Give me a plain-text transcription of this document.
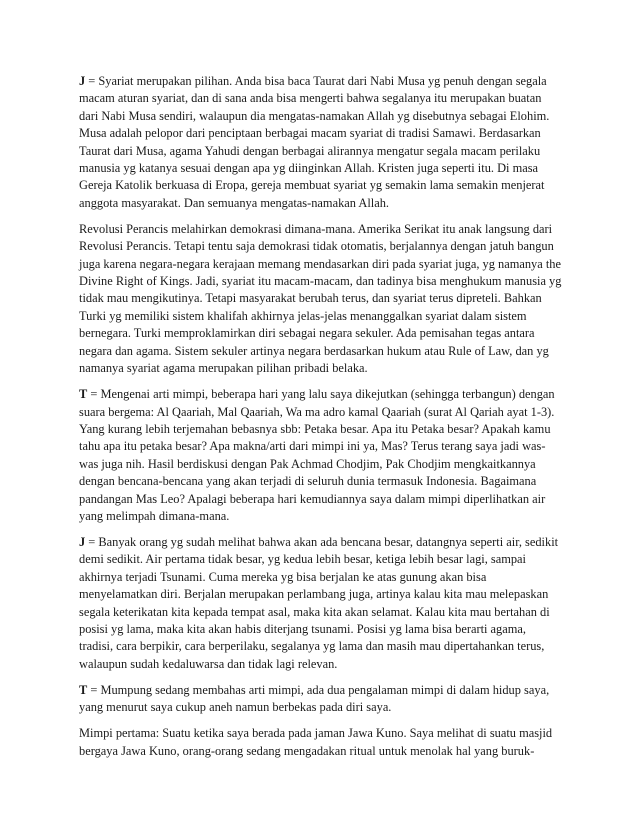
J = Syariat merupakan pilihan. Anda bisa baca Taurat dari Nabi Musa yg penuh dengan segala
macam aturan syariat, dan di sana anda bisa mengerti bahwa segalanya itu merupakan buatan
dari Nabi Musa sendiri, walaupun dia mengatas-namakan Allah yg disebutnya sebagai Elohim.
Musa adalah pelopor dari penciptaan berbagai macam syariat di tradisi Samawi. Berdasarkan
Taurat dari Musa, agama Yahudi dengan berbagai alirannya mengatur segala macam perilaku
manusia yg katanya sesuai dengan apa yg diinginkan Allah. Kristen juga seperti itu. Di masa
Gereja Katolik berkuasa di Eropa, gereja membuat syariat yg semakin lama semakin menjerat
anggota masyarakat. Dan semuanya mengatas-namakan Allah.

Revolusi Perancis melahirkan demokrasi dimana-mana. Amerika Serikat itu anak langsung dari
Revolusi Perancis. Tetapi tentu saja demokrasi tidak otomatis, berjalannya dengan jatuh bangun
juga karena negara-negara kerajaan memang mendasarkan diri pada syariat juga, yg namanya the
Divine Right of Kings. Jadi, syariat itu macam-macam, dan tadinya bisa menghukum manusia yg
tidak mau mengikutinya. Tetapi masyarakat berubah terus, dan syariat terus dipreteli. Bahkan
Turki yg memiliki sistem khalifah akhirnya jelas-jelas menanggalkan syariat dalam sistem
bernegara. Turki memproklamirkan diri sebagai negara sekuler. Ada pemisahan tegas antara
negara dan agama. Sistem sekuler artinya negara berdasarkan hukum atau Rule of Law, dan yg
namanya syariat agama merupakan pilihan pribadi belaka.

T = Mengenai arti mimpi, beberapa hari yang lalu saya dikejutkan (sehingga terbangun) dengan
suara bergema: Al Qaariah, Mal Qaariah, Wa ma adro kamal Qaariah (surat Al Qariah ayat 1-3).
Yang kurang lebih terjemahan bebasnya sbb: Petaka besar. Apa itu Petaka besar? Apakah kamu
tahu apa itu petaka besar? Apa makna/arti dari mimpi ini ya, Mas? Terus terang saya jadi was-
was juga nih. Hasil berdiskusi dengan Pak Achmad Chodjim, Pak Chodjim mengkaitkannya
dengan bencana-bencana yang akan terjadi di seluruh dunia termasuk Indonesia. Bagaimana
pandangan Mas Leo? Apalagi beberapa hari kemudiannya saya dalam mimpi diperlihatkan air
yang melimpah dimana-mana.

J = Banyak orang yg sudah melihat bahwa akan ada bencana besar, datangnya seperti air, sedikit
demi sedikit. Air pertama tidak besar, yg kedua lebih besar, ketiga lebih besar lagi, sampai
akhirnya terjadi Tsunami. Cuma mereka yg bisa berjalan ke atas gunung akan bisa
menyelamatkan diri. Berjalan merupakan perlambang juga, artinya kalau kita mau melepaskan
segala keterikatan kita kepada tempat asal, maka kita akan selamat. Kalau kita mau bertahan di
posisi yg lama, maka kita akan habis diterjang tsunami. Posisi yg lama bisa berarti agama,
tradisi, cara berpikir, cara berperilaku, segalanya yg lama dan masih mau dipertahankan terus,
walaupun sudah kedaluwarsa dan tidak lagi relevan.

T = Mumpung sedang membahas arti mimpi, ada dua pengalaman mimpi di dalam hidup saya,
yang menurut saya cukup aneh namun berbekas pada diri saya.

Mimpi pertama: Suatu ketika saya berada pada jaman Jawa Kuno. Saya melihat di suatu masjid
bergaya Jawa Kuno, orang-orang sedang mengadakan ritual untuk menolak hal yang buruk-
